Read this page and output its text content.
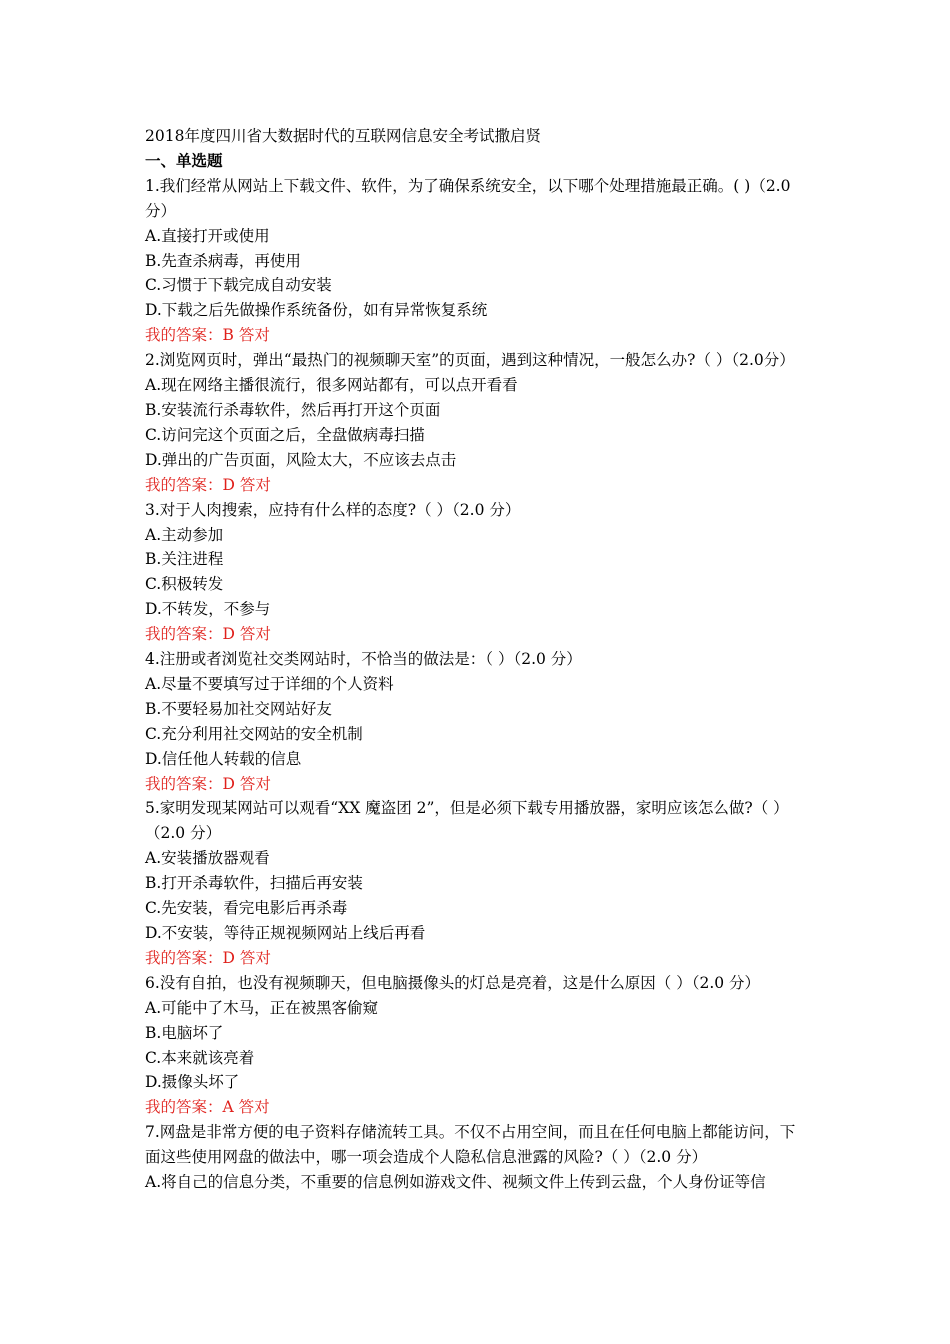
2018年度四川省大数据时代的互联网信息安全考试撒启贤
一、单选题
1.我们经常从网站上下载文件、软件，为了确保系统安全，以下哪个处理措施最正确。( )（2.0分）
A.直接打开或使用
B.先查杀病毒，再使用
C.习惯于下载完成自动安装
D.下载之后先做操作系统备份，如有异常恢复系统
我的答案：B 答对
2.浏览网页时，弹出“最热门的视频聊天室”的页面，遇到这种情况，一般怎么办?（ ）（2.0分）
A.现在网络主播很流行，很多网站都有，可以点开看看
B.安装流行杀毒软件，然后再打开这个页面
C.访问完这个页面之后，全盘做病毒扫描
D.弹出的广告页面，风险太大，不应该去点击
我的答案：D 答对
3.对于人肉搜索，应持有什么样的态度?（ ）（2.0 分）
A.主动参加
B.关注进程
C.积极转发
D.不转发，不参与
我的答案：D 答对
4.注册或者浏览社交类网站时，不恰当的做法是：（ ）（2.0 分）
A.尽量不要填写过于详细的个人资料
B.不要轻易加社交网站好友
C.充分利用社交网站的安全机制
D.信任他人转载的信息
我的答案：D 答对
5.家明发现某网站可以观看“XX 魔盗团 2”，但是必须下载专用播放器，家明应该怎么做?（ ）（2.0 分）
A.安装播放器观看
B.打开杀毒软件，扫描后再安装
C.先安装，看完电影后再杀毒
D.不安装，等待正规视频网站上线后再看
我的答案：D 答对
6.没有自拍，也没有视频聊天，但电脑摄像头的灯总是亮着，这是什么原因（ ）（2.0 分）
A.可能中了木马，正在被黑客偷窥
B.电脑坏了
C.本来就该亮着
D.摄像头坏了
我的答案：A 答对
7.网盘是非常方便的电子资料存储流转工具。不仅不占用空间，而且在任何电脑上都能访问，下面这些使用网盘的做法中，哪一项会造成个人隐私信息泄露的风险?（ ）（2.0 分）
A.将自己的信息分类，不重要的信息例如游戏文件、视频文件上传到云盘，个人身份证等信
